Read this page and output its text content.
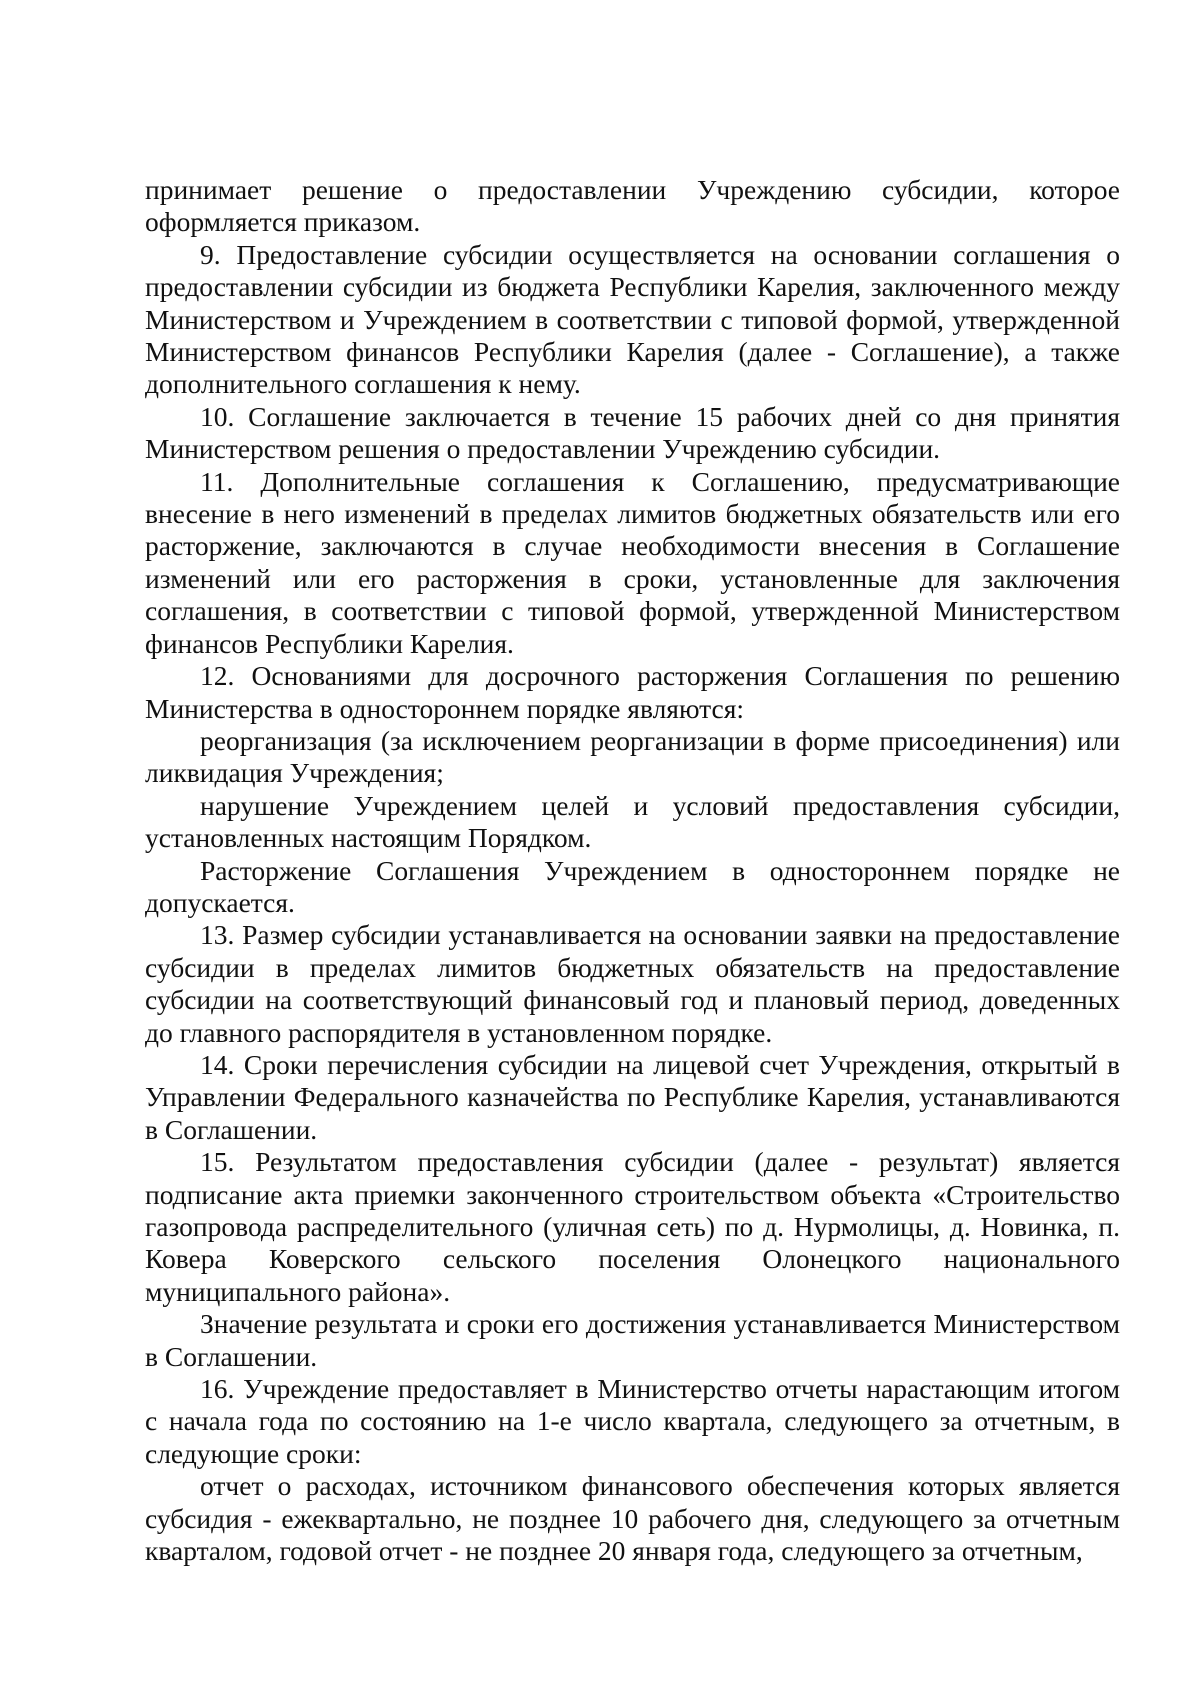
принимает решение о предоставлении Учреждению субсидии, которое оформляется приказом.

9. Предоставление субсидии осуществляется на основании соглашения о предоставлении субсидии из бюджета Республики Карелия, заключенного между Министерством и Учреждением в соответствии с типовой формой, утвержденной Министерством финансов Республики Карелия (далее - Соглашение), а также дополнительного соглашения к нему.

10. Соглашение заключается в течение 15 рабочих дней со дня принятия Министерством решения о предоставлении Учреждению субсидии.

11. Дополнительные соглашения к Соглашению, предусматривающие внесение в него изменений в пределах лимитов бюджетных обязательств или его расторжение, заключаются в случае необходимости внесения в Соглашение изменений или его расторжения в сроки, установленные для заключения соглашения, в соответствии с типовой формой, утвержденной Министерством финансов Республики Карелия.

12. Основаниями для досрочного расторжения Соглашения по решению Министерства в одностороннем порядке являются:

реорганизация (за исключением реорганизации в форме присоединения) или ликвидация Учреждения;

нарушение Учреждением целей и условий предоставления субсидии, установленных настоящим Порядком.

Расторжение Соглашения Учреждением в одностороннем порядке не допускается.

13. Размер субсидии устанавливается на основании заявки на предоставление субсидии в пределах лимитов бюджетных обязательств на предоставление субсидии на соответствующий финансовый год и плановый период, доведенных до главного распорядителя в установленном порядке.

14. Сроки перечисления субсидии на лицевой счет Учреждения, открытый в Управлении Федерального казначейства по Республике Карелия, устанавливаются в Соглашении.

15. Результатом предоставления субсидии (далее - результат) является подписание акта приемки законченного строительством объекта «Строительство газопровода распределительного (уличная сеть) по д. Нурмолицы, д. Новинка, п. Ковера Коверского сельского поселения Олонецкого национального муниципального района».

Значение результата и сроки его достижения устанавливается Министерством в Соглашении.

16. Учреждение предоставляет в Министерство отчеты нарастающим итогом с начала года по состоянию на 1-е число квартала, следующего за отчетным, в следующие сроки:

отчет о расходах, источником финансового обеспечения которых является субсидия - ежеквартально, не позднее 10 рабочего дня, следующего за отчетным кварталом, годовой отчет - не позднее 20 января года, следующего за отчетным,
